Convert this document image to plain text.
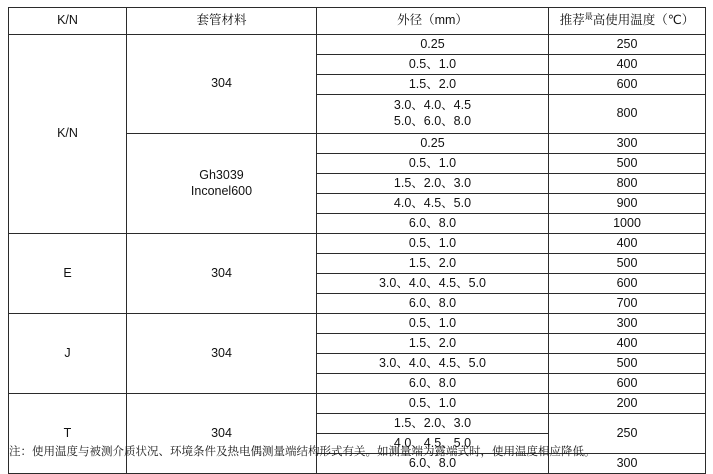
K/N	套管材料	外径（mm）	推荐$^最$高使用温度（℃）
K/N	304	0.25	250
		0.5、1.0	400
		1.5、2.0	600

		3.0、4.0、4.5
5.0、6.0、8.0	800

	Gh3039
Inconel600	0.25	300
		0.5、1.0	500
		1.5、2.0、3.0	800
		4.0、4.5、5.0	900
		6.0、8.0	1000
E	304	0.5、1.0	400
		1.5、2.0	500
		3.0、4.0、4.5、5.0	600
		6.0、8.0	700
J	304	0.5、1.0	300
		1.5、2.0	400
		3.0、4.0、4.5、5.0	500
		6.0、8.0	600
T	304	0.5、1.0	200
		1.5、2.0、3.0	250
		4.0、4.5、5.0	
		6.0、8.0	300
注：使用温度与被测介质状况、环境条件及热电偶测量端结构形式有关。如测量端为露端式时，使用温度相应降低。
